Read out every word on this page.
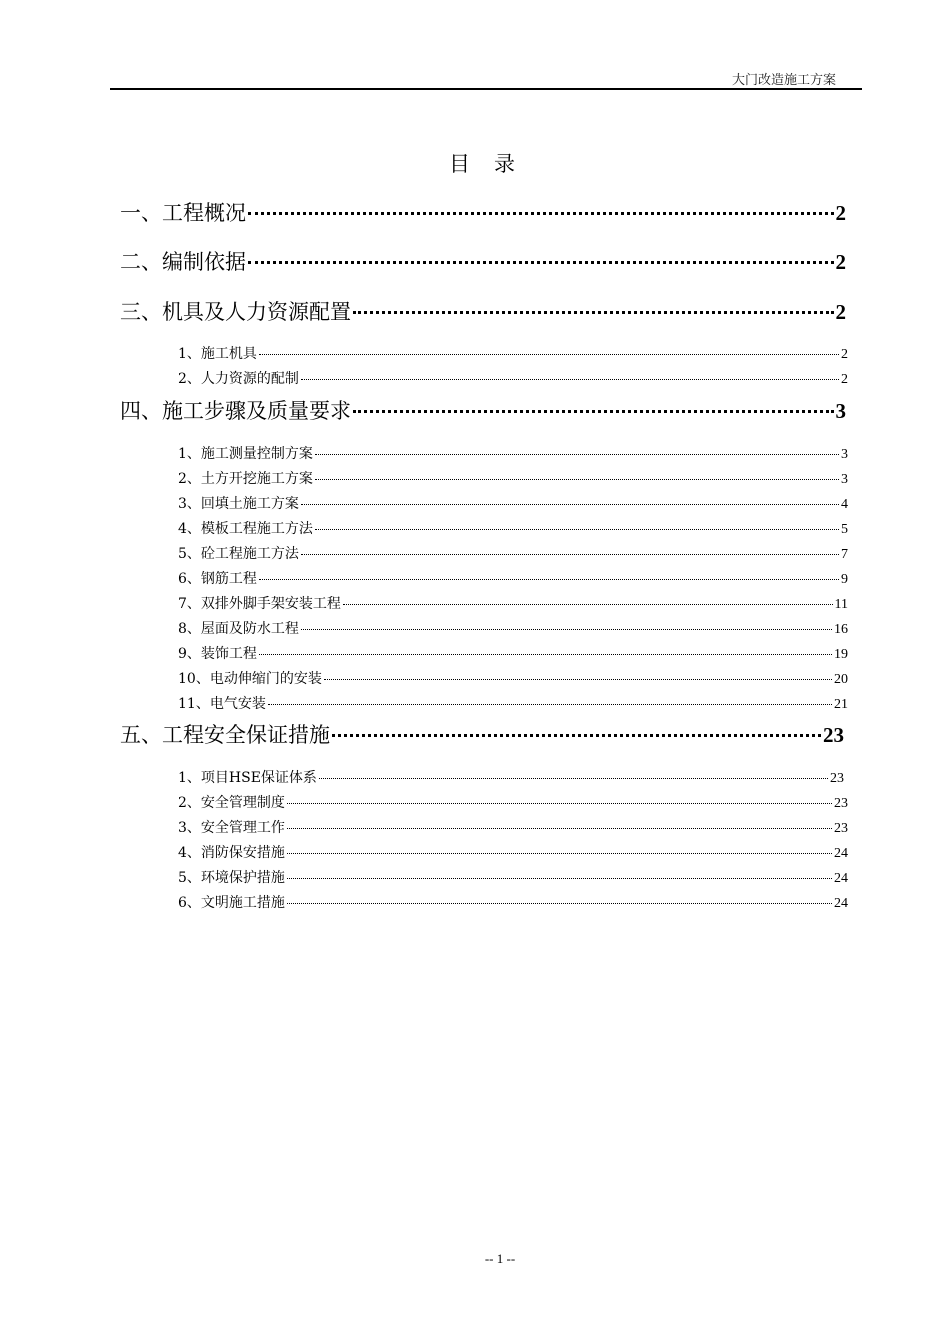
大门改造施工方案
目 录
一、工程概况	2
二、编制依据	2
三、机具及人力资源配置	2
1、施工机具	2
2、人力资源的配制	2
四、施工步骤及质量要求	3
1、施工测量控制方案	3
2、土方开挖施工方案	3
3、回填土施工方案	4
4、模板工程施工方法	5
5、砼工程施工方法	7
6、钢筋工程	9
7、双排外脚手架安装工程	11
8、屋面及防水工程	16
9、装饰工程	19
10、电动伸缩门的安装	20
11、电气安装	21
五、工程安全保证措施	23
1、项目HSE保证体系	23
2、安全管理制度	23
3、安全管理工作	23
4、消防保安措施	24
5、环境保护措施	24
6、文明施工措施	24
-- 1 --
